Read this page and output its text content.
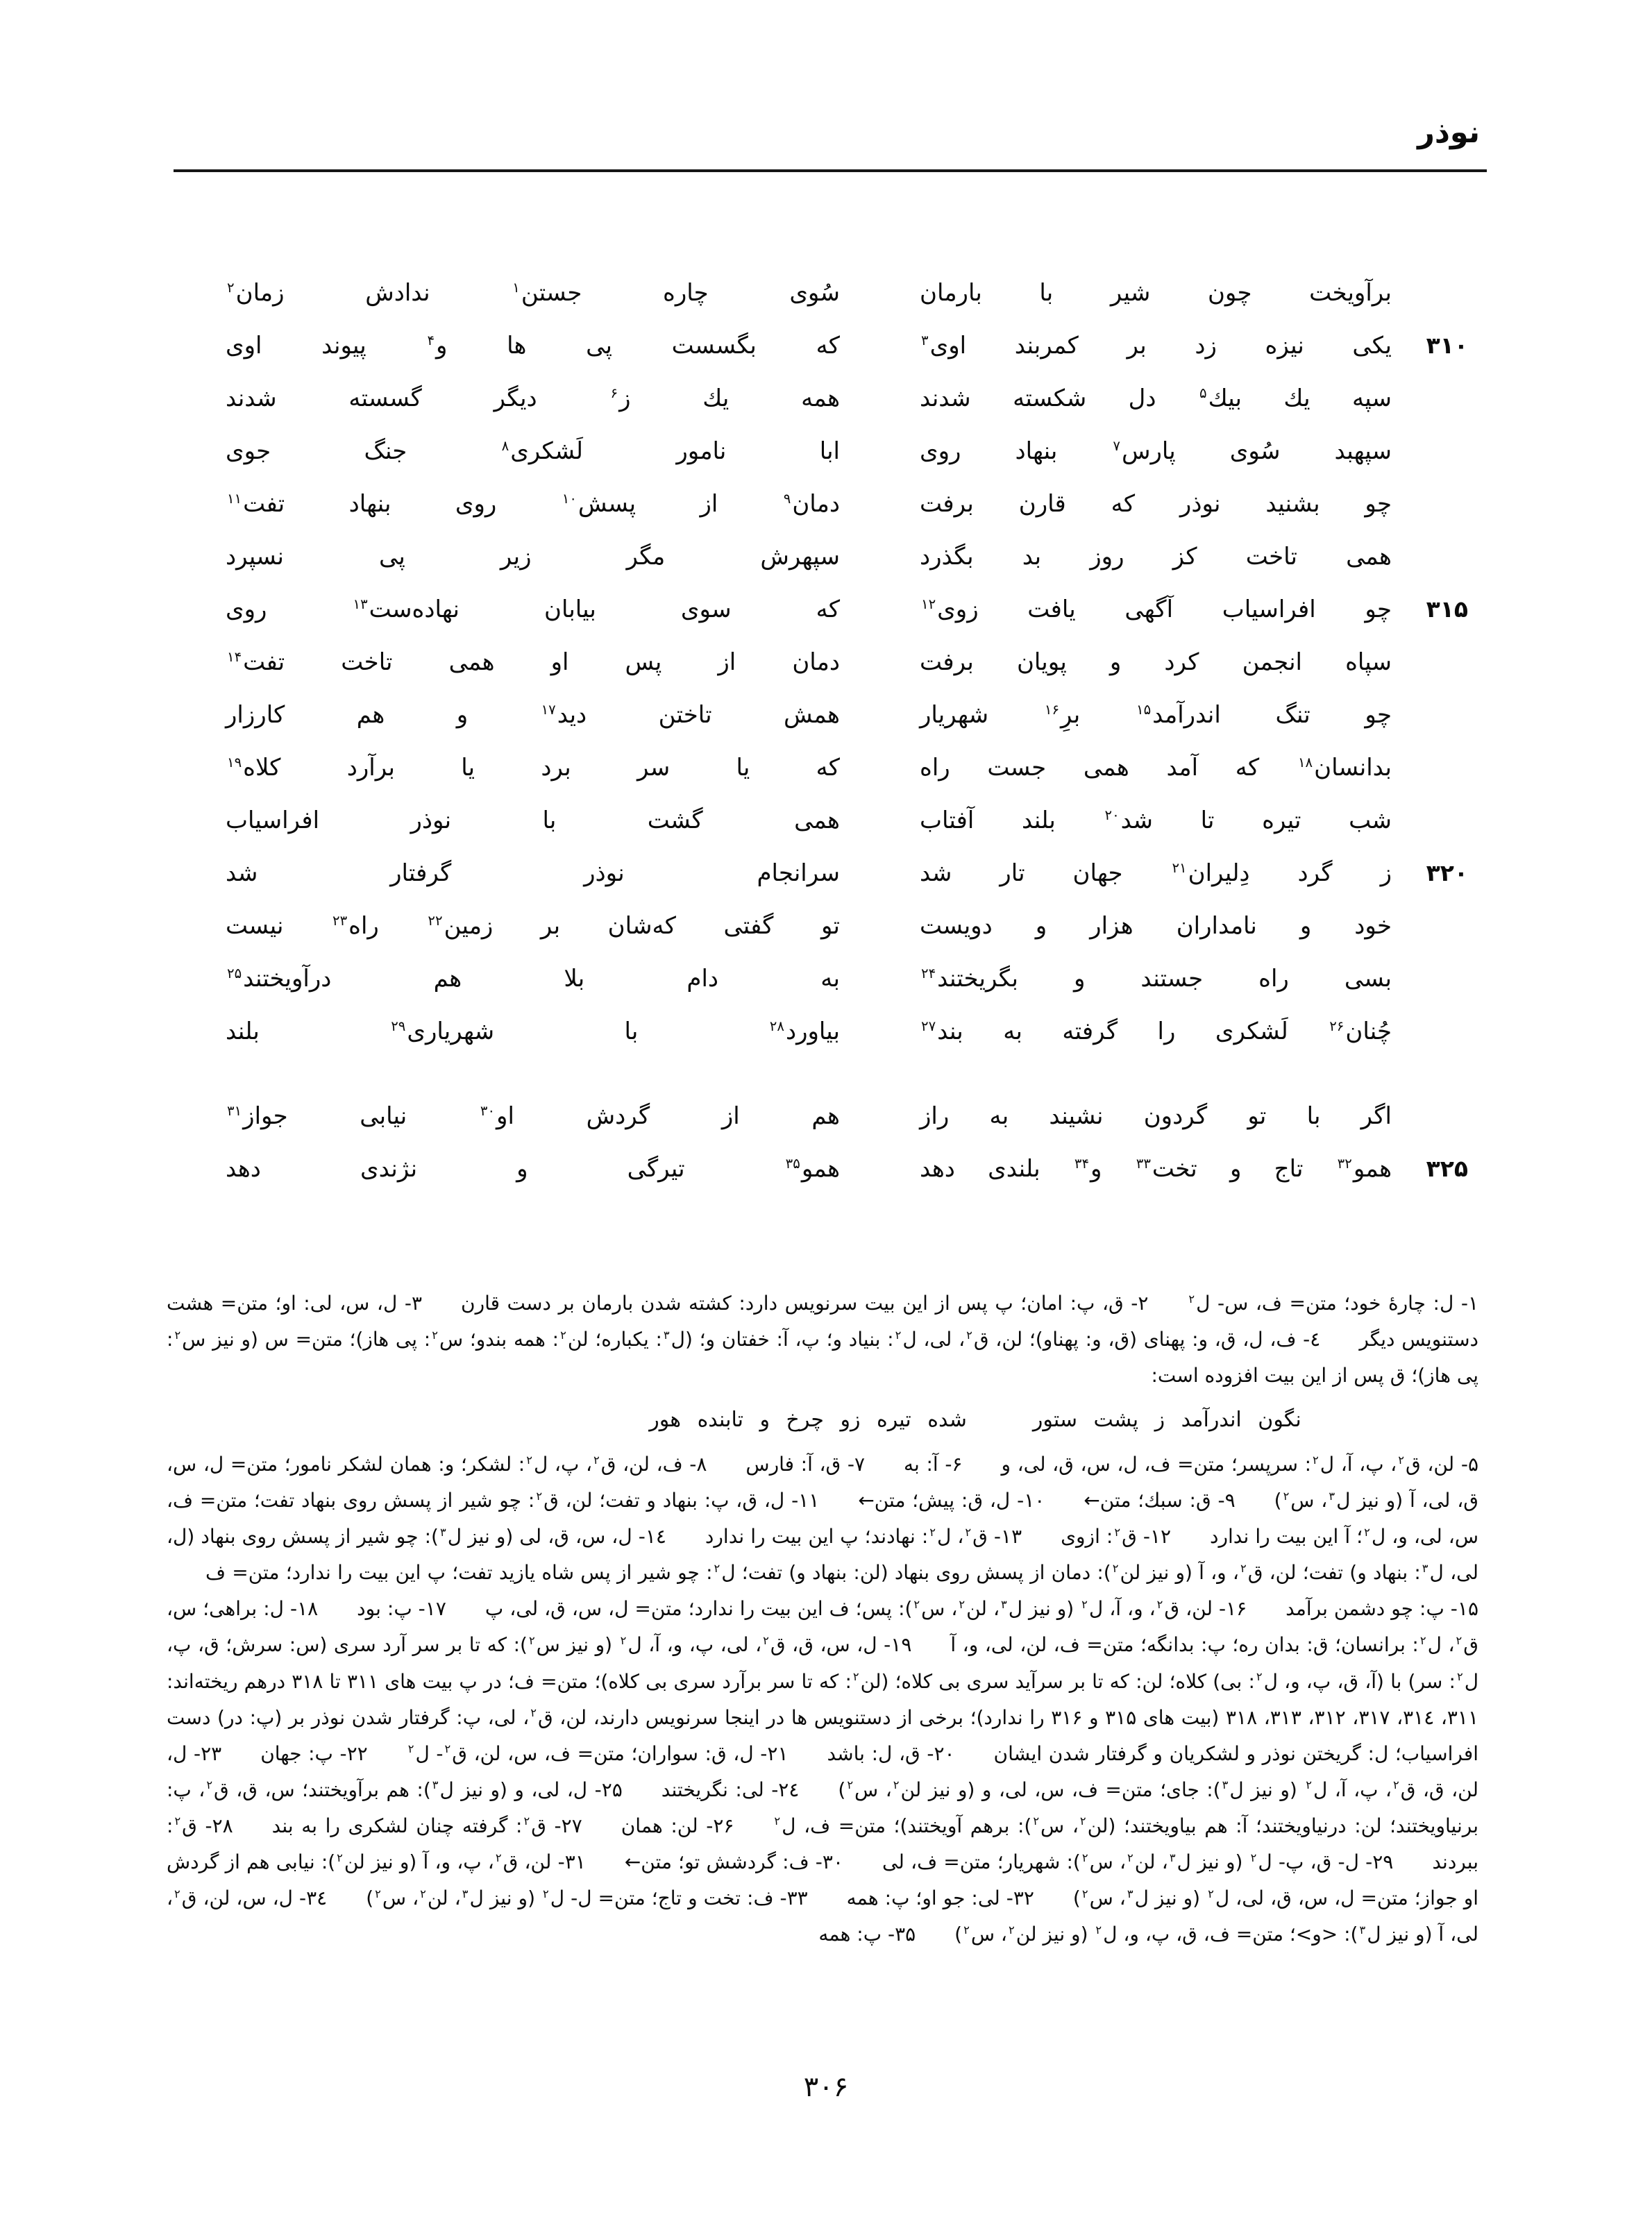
نوذر
برآویخت چون شیر با بارمان
سُوی چاره جستن$^۱$ ندادش زمان$^۲$
۳۱۰
یکی نیزه زد بر کمربند اوی$^۳$
که بگسست پی ها و$^۴$ پیوند اوی
سپه یك بیك$^۵$ دل شکسته شدند
همه یك ز$^۶$ دیگر گسسته شدند
سپهبد سُوی پارس$^۷$ بنهاد روی
ابا نامور لَشکری$^۸$ جنگ جوی
چو بشنید نوذر که قارن برفت
دمان$^۹$ از پسش$^{۱۰}$ روی بنهاد تفت$^{۱۱}$
همی تاخت کز روز بد بگذرد
سپهرش مگر زیر پی نسپرد
۳۱۵
چو افراسیاب آگهی یافت زوی$^{۱۲}$
که سوی بیابان نهاده‌ست$^{۱۳}$ روی
سپاه انجمن کرد و پویان برفت
دمان از پس او همی تاخت تفت$^{۱۴}$
چو تنگ اندرآمد$^{۱۵}$ برِ$^{۱۶}$ شهریار
همش تاختن دید$^{۱۷}$ و هم کارزار
بدانسان$^{۱۸}$ که آمد همی جست راه
که یا سر برد یا برآرد کلاه$^{۱۹}$
شب تیره تا شد$^{۲۰}$ بلند آفتاب
همی گشت با نوذر افراسیاب
۳۲۰
ز گرد دِلیران$^{۲۱}$ جهان تار شد
سرانجام نوذر گرفتار شد
خود و نامداران هزار و دویست
تو گفتی که‌شان بر زمین$^{۲۲}$ راه$^{۲۳}$ نیست
بسی راه جستند و بگریختند$^{۲۴}$
به دام بلا هم درآویختند$^{۲۵}$
چُنان$^{۲۶}$ لَشکری را گرفته به بند$^{۲۷}$
بیاورد$^{۲۸}$ با شهریاری$^{۲۹}$ بلند
اگر با تو گردون نشیند به راز
هم از گردش او$^{۳۰}$ نیابی جواز$^{۳۱}$
۳۲۵
همو$^{۳۲}$ تاج و تخت$^{۳۳}$ و$^{۳۴}$ بلندی دهد
همو$^{۳۵}$ تیرگی و نژندی دهد

۱- ل: چارهٔ خود؛ متن= ف، س- ل$^۲$  ۲- ق، پ: امان؛ پ پس از این بیت سرنویس دارد: کشته شدن بارمان بر دست قارن  ۳- ل، س، لی: او؛ متن= هشت دستنویس دیگر  ٤- ف، ل، ق، و: پهنای (ق، و: پهناو)؛ لن، ق$^۲$، لی، ل$^۲$: بنیاد و؛ پ، آ: خفتان و؛ (ل$^۳$: یکباره؛ لن$^۲$: همه بندو؛ س$^۲$: پی هاز)؛ متن= س (و نیز س$^۲$: پی هاز)؛ ق پس از این بیت افزوده است:

نگون اندرآمد ز پشت ستور
شده تیره زو چرخ و تابنده هور

۵- لن، ق$^۲$، پ، آ، ل$^۲$: سرپسر؛ متن= ف، ل، س، ق، لی، و  ۶- آ: به  ۷- ق، آ: فارس  ۸- ف، لن، ق$^۲$، پ، ل$^۲$: لشکر؛ و: همان لشکر نامور؛ متن= ل، س، ق، لی، آ (و نیز ل$^۳$، س$^۲$)  ۹- ق: سبك؛ متن←  ۱۰- ل، ق: پیش؛ متن←  ۱۱- ل، ق، پ: بنهاد و تفت؛ لن، ق$^۲$: چو شیر از پسش روی بنهاد تفت؛ متن= ف، س، لی، و، ل$^۲$؛ آ این بیت را ندارد  ۱۲- ق$^۲$: ازوی  ۱۳- ق$^۲$، ل$^۲$: نهادند؛ پ این بیت را ندارد  ۱٤- ل، س، ق، لی (و نیز ل$^۳$): چو شیر از پسش روی بنهاد (ل، لی، ل$^۳$: بنهاد و) تفت؛ لن، ق$^۲$، و، آ (و نیز لن$^۲$): دمان از پسش روی بنهاد (لن: بنهاد و) تفت؛ ل$^۲$: چو شیر از پس شاه یازید تفت؛ پ این بیت را ندارد؛ متن= ف  ۱۵- پ: چو دشمن برآمد  ۱۶- لن، ق$^۲$، و، آ، ل$^۲$ (و نیز ل$^۳$، لن$^۲$، س$^۲$): پس؛ ف این بیت را ندارد؛ متن= ل، س، ق، لی، پ  ۱۷- پ: بود  ۱۸- ل: براهی؛ س، ق$^۲$، ل$^۲$: برانسان؛ ق: بدان ره؛ پ: بدانگه؛ متن= ف، لن، لی، و، آ  ۱۹- ل، س، ق، ق$^۲$، لی، پ، و، آ، ل$^۲$ (و نیز س$^۲$): که تا بر سر آرد سری (س: سرش؛ ق، پ، ل$^۲$: سر) با (آ، ق، پ، و، ل$^۲$: بی) کلاه؛ لن: که تا بر سرآید سری بی کلاه؛ (لن$^۲$: که تا سر برآرد سری بی کلاه)؛ متن= ف؛ در پ بیت های ۳۱۱ تا ۳۱۸ درهم ریخته‌اند: ۳۱۱، ۳۱٤، ۳۱۷، ۳۱۲، ۳۱۳، ۳۱۸ (بیت های ۳۱۵ و ۳۱۶ را ندارد)؛ برخی از دستنویس ها در اینجا سرنویس دارند، لن، ق$^۲$، لی، پ: گرفتار شدن نوذر بر (پ: در) دست افراسیاب؛ ل: گریختن نوذر و لشکریان و گرفتار شدن ایشان  ۲۰- ق، ل: باشد  ۲۱- ل، ق: سواران؛ متن= ف، س، لن، ق$^۲$- ل$^۲$  ۲۲- پ: جهان  ۲۳- ل، لن، ق، ق$^۲$، پ، آ، ل$^۲$ (و نیز ل$^۳$): جای؛ متن= ف، س، لی، و (و نیز لن$^۲$، س$^۲$)  ۲٤- لی: نگریختند  ۲۵- ل، لی، و (و نیز ل$^۳$): هم برآویختند؛ س، ق، ق$^۲$، پ: برنیاویختند؛ لن: درنیاویختند؛ آ: هم بیاویختند؛ (لن$^۲$، س$^۲$): برهم آویختند)؛ متن= ف، ل$^۲$  ۲۶- لن: همان  ۲۷- ق$^۲$: گرفته چنان لشکری را به بند  ۲۸- ق$^۲$: ببردند  ۲۹- ل- ق، پ- ل$^۲$ (و نیز ل$^۳$، لن$^۲$، س$^۲$): شهریار؛ متن= ف، لی  ۳۰- ف: گردشش تو؛ متن←  ۳۱- لن، ق$^۲$، پ، و، آ (و نیز لن$^۲$): نیابی هم از گردش او جواز؛ متن= ل، س، ق، لی، ل$^۲$ (و نیز ل$^۳$، س$^۲$)  ۳۲- لی: جو او؛ پ: همه  ۳۳- ف: تخت و تاج؛ متن= ل- ل$^۲$ (و نیز ل$^۳$، لن$^۲$، س$^۲$)  ۳٤- ل، س، لن، ق$^۲$، لی، آ (و نیز ل$^۳$): <و>؛ متن= ف، ق، پ، و، ل$^۲$ (و نیز لن$^۲$، س$^۲$)  ۳۵- پ: همه

۳۰۶
